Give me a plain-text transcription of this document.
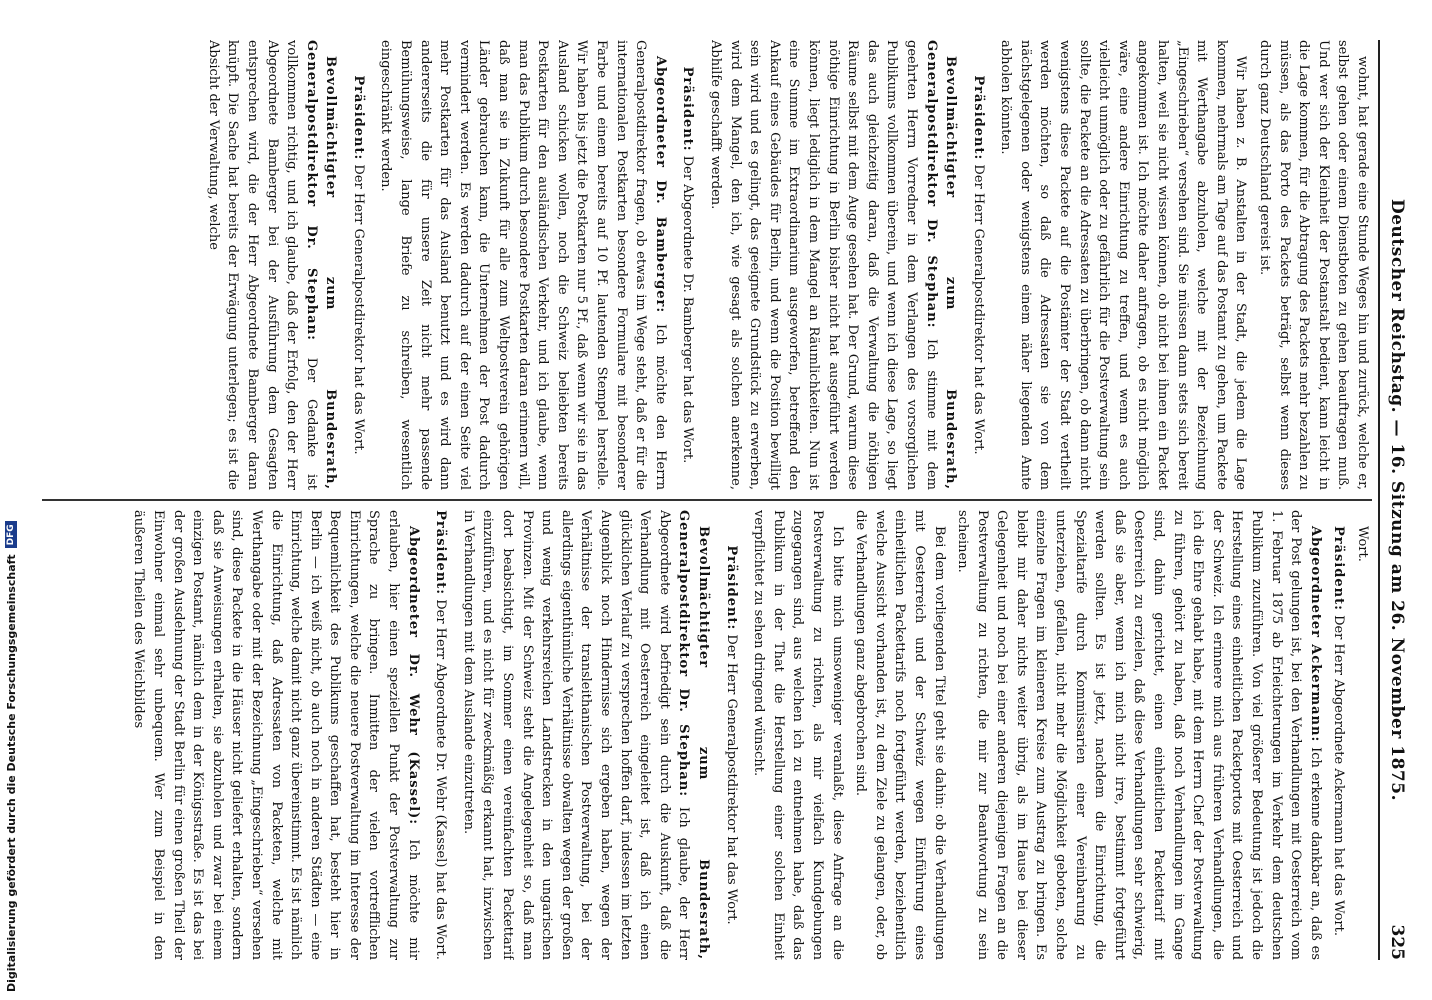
Deutscher Reichstag. — 16. Sitzung am 26. November 1875.
325

wohnt, hat gerade eine Stunde Weges hin und zurück, welche er, selbst gehen oder einem Dienstboten zu gehen beauftragen muß. Und wer sich der Kleinheit der Postanstalt bedient, kann leicht in die Lage kommen, für die Abtragung des Packets mehr bezahlen zu müssen, als das Porto des Packets beträgt, selbst wenn dieses durch ganz Deutschland gereist ist.

Wir haben z. B. Anstalten in der Stadt, die jedem die Lage kommen, mehrmals am Tage auf das Postamt zu gehen, um Packete mit Werthangabe abzuholen, welche mit der Bezeichnung „Eingeschrieben“ versehen sind. Sie müssen dann stets sich bereit halten, weil sie nicht wissen können, ob nicht bei ihnen ein Packet angekommen ist. Ich möchte daher anfragen, ob es nicht möglich wäre, eine andere Einrichtung zu treffen, und wenn es auch vielleicht unmöglich oder zu gefährlich für die Postverwaltung sein sollte, die Packete an die Adressaten zu überbringen, ob dann nicht wenigstens diese Packete auf die Postämter der Stadt vertheilt werden möchten, so daß die Adressaten sie von dem nächstgelegenen oder wenigstens einem näher liegenden Amte abholen könnten.

Präsident: Der Herr Generalpostdirektor hat das Wort.

Bevollmächtigter zum Bundesrath, Generalpostdirektor Dr. Stephan: Ich stimme mit dem geehrten Herrn Vorredner in dem Verlangen des vorsorglichen Publikums vollkommen überein, und wenn ich diese Lage, so liegt das auch gleichzeitig daran, daß die Verwaltung die nöthigen Räume selbst mit dem Auge gesehen hat. Der Grund, warum diese nöthige Einrichtung in Berlin bisher nicht hat ausgeführt werden können, liegt lediglich in dem Mangel an Räumlichkeiten. Nun ist eine Summe im Extraordinarium ausgeworfen, betreffend den Ankauf eines Gebäudes für Berlin, und wenn die Position bewilligt sein wird und es gelingt, das geeignete Grundstück zu erwerben, wird dem Mangel, den ich, wie gesagt als solchen anerkenne, Abhilfe geschafft werden.

Präsident: Der Abgeordnete Dr. Bamberger hat das Wort.

Abgeordneter Dr. Bamberger: Ich möchte den Herrn Generalpostdirektor fragen, ob etwas im Wege steht, daß er für die internationalen Postkarten besondere Formulare mit besonderer Farbe und einem bereits auf 10 Pf. lautenden Stempel herstelle. Wir haben bis jetzt die Postkarten nur 5 Pf., daß wenn wir sie in das Ausland schicken wollen, noch die Schweiz beliebten bereits Postkarten für den ausländischen Verkehr, und ich glaube, wenn man das Publikum durch besondere Postkarten daran erinnern will, daß man sie in Zukunft für alle zum Weltpostverein gehörigen Länder gebrauchen kann, die Unternehmen der Post dadurch vermindert werden. Es werden dadurch auf der einen Seite viel mehr Postkarten für das Ausland benutzt und es wird dann andererseits die für unsere Zeit nicht mehr passende Bemühungsweise, lange Briefe zu schreiben, wesentlich eingeschränkt werden.

Präsident: Der Herr Generalpostdirektor hat das Wort.

Bevollmächtigter zum Bundesrath, Generalpostdirektor Dr. Stephan: Der Gedanke ist vollkommen richtig, und ich glaube, daß der Erfolg, den der Herr Abgeordnete Bamberger bei der Ausführung dem Gesagten entsprechen wird, die der Herr Abgeordnete Bamberger daran knüpft. Die Sache hat bereits der Erwägung unterlegen; es ist die Absicht der Verwaltung, welche

Wort.

Präsident: Der Herr Abgeordnete Ackermann hat das Wort.

Abgeordneter Ackermann: Ich erkenne dankbar an, daß es der Post gelungen ist, bei den Verhandlungen mit Oesterreich vom 1. Februar 1875 ab Erleichterungen im Verkehr dem deutschen Publikum zuzuführen. Von viel größerer Bedeutung ist jedoch die Herstellung eines einheitlichen Packetportos mit Oesterreich und der Schweiz. Ich erinnere mich aus früheren Verhandlungen, die ich die Ehre gehabt habe, mit dem Herrn Chef der Postverwaltung zu führen, gehört zu haben, daß noch Verhandlungen im Gange sind, dahin gerichtet, einen einheitlichen Packettarif mit Oesterreich zu erzielen, daß diese Verhandlungen sehr schwierig, daß sie aber, wenn ich mich nicht irre, bestimmt fortgeführt werden sollten. Es ist jetzt, nachdem die Einrichtung, die Spezialtarife durch Kommissarien einer Vereinbarung zu unterziehen, gefallen, nicht mehr die Möglichkeit geboten, solche einzelne Fragen im kleineren Kreise zum Austrag zu bringen. Es bleibt mir daher nichts weiter übrig, als im Hause bei dieser Gelegenheit und noch bei einer anderen diejenigen Fragen an die Postverwaltung zu richten, die mir zur Beantwortung zu sein scheinen.

Bei dem vorliegenden Titel geht sie dahin: ob die Verhandlungen mit Oesterreich und der Schweiz wegen Einführung eines einheitlichen Packettarifs noch fortgeführt werden, beziehentlich welche Aussicht vorhanden ist, zu dem Ziele zu gelangen, oder, ob die Verhandlungen ganz abgebrochen sind.

Ich bitte mich umsoweniger veranlaßt, diese Anfrage an die Postverwaltung zu richten, als mir vielfach Kundgebungen zugegangen sind, aus welchen ich zu entnehmen habe, daß das Publikum in der That die Herstellung einer solchen Einheit verpflichtet zu sehen dringend wünscht.

Präsident: Der Herr Generalpostdirektor hat das Wort.

Bevollmächtigter zum Bundesrath, Generalpostdirektor Dr. Stephan: Ich glaube, der Herr Abgeordnete wird befriedigt sein durch die Auskunft, daß die Verhandlung mit Oesterreich eingeleitet ist, daß ich einen glücklichen Verlauf zu versprechen hoffen darf, indessen im letzten Augenblick noch Hindernisse sich ergeben haben, wegen der Verhältnisse der transleithanischen Postverwaltung, bei der allerdings eigenthümliche Verhältnisse obwalten wegen der großen und wenig verkehrsreichen Landstrecken in den ungarischen Provinzen. Mit der Schweiz steht die Angelegenheit so, daß man dort beabsichtigt, im Sommer einen vereinfachten Packettarif einzuführen, und es nicht für zweckmäßig erkannt hat, inzwischen in Verhandlungen mit dem Auslande einzutreten.

Präsident: Der Herr Abgeordnete Dr. Wehr (Kassel) hat das Wort.

Abgeordneter Dr. Wehr (Kassel): Ich möchte mir erlauben, hier einen speziellen Punkt der Postverwaltung zur Sprache zu bringen. Inmitten der vielen vortrefflichen Einrichtungen, welche die neuere Postverwaltung im Interesse der Bequemlichkeit des Publikums geschaffen hat, besteht hier in Berlin — ich weiß nicht, ob auch noch in anderen Städten — eine Einrichtung, welche damit nicht ganz übereinstimmt. Es ist nämlich die Einrichtung, daß Adressaten von Packeten, welche mit Werthangabe oder mit der Bezeichnung „Eingeschrieben“ versehen sind, diese Packete in die Häuser nicht geliefert erhalten, sondern daß sie Anweisungen erhalten, sie abzuholen und zwar bei einem einzigen Postamt, nämlich dem in der Königsstraße. Es ist das bei der großen Ausdehnung der Stadt Berlin für einen großen Theil der Einwohner einmal sehr unbequem. Wer zum Beispiel in den äußeren Theilen des Weichbildes

Digitalisierung gefördert durch die Deutsche Forschungsgemeinschaft
DFG
